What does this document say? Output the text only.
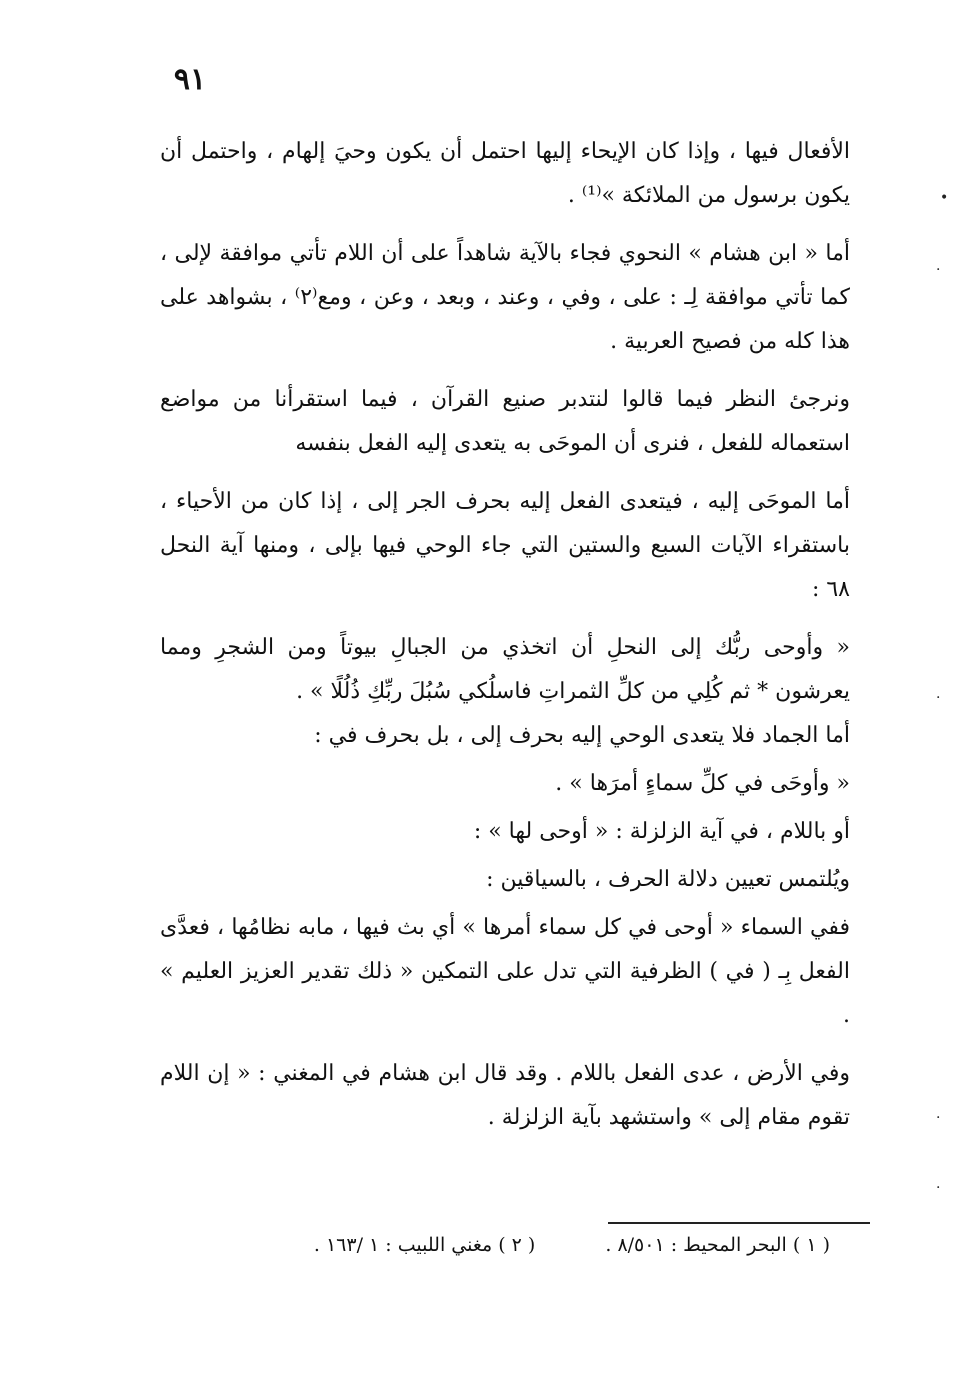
٩١

الأفعال فيها ، وإذا كان الإيحاء إليها احتمل أن يكون وحيَ إلهام ، واحتمل أن يكون برسول من الملائكة »⁽¹⁾ .

أما « ابن هشام » النحوي فجاء بالآية شاهداً على أن اللام تأتي موافقة لإلى ، كما تأتي موافقة لِـ : على ، وفي ، وعند ، وبعد ، وعن ، ومع⁽٢⁾ ، بشواهد على هذا كله من فصيح العربية .

ونرجئ النظر فيما قالوا لنتدبر صنيع القرآن ، فيما استقرأنا من مواضع استعماله للفعل ، فنرى أن الموحَى به يتعدى إليه الفعل بنفسه

أما الموحَى إليه ، فيتعدى الفعل إليه بحرف الجر إلى ، إذا كان من الأحياء ، باستقراء الآيات السبع والستين التي جاء الوحي فيها بإلى ، ومنها آية النحل ٦٨ :

« وأوحى ربُّك إلى النحلِ أن اتخذي من الجبالِ بيوتاً ومن الشجرِ ومما يعرشون * ثم كُلِي من كلِّ الثمراتِ فاسلُكي سُبُلَ ربِّكِ ذُلُلًا » .

أما الجماد فلا يتعدى الوحي إليه بحرف إلى ، بل بحرف في :

« وأوحَى في كلِّ سماءٍ أمرَها » .

أو باللام ، في آية الزلزلة : « أوحى لها » :

ويُلتمس تعيين دلالة الحرف ، بالسياقين :

ففي السماء « أوحى في كل سماء أمرها » أي بث فيها ، مابه نظامُها ، فعدَّى الفعل بِـ ( في ) الظرفية التي تدل على التمكين « ذلك تقدير العزيز العليم » .

وفي الأرض ، عدى الفعل باللام . وقد قال ابن هشام في المغني : « إن اللام تقوم مقام إلى » واستشهد بآية الزلزلة .

( ١ ) البحر المحيط : ٨/٥٠١ .
( ٢ ) مغني اللبيب : ١ /١٦٣ .
•
·
·
·
·
